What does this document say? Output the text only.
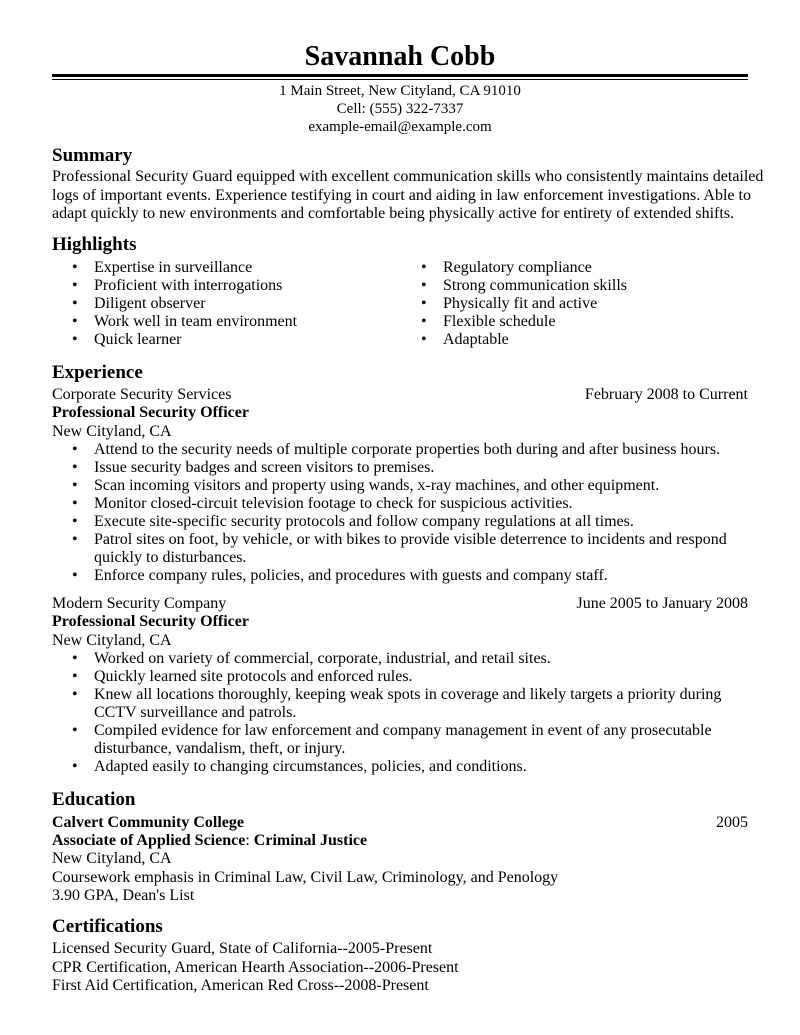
Savannah Cobb
1 Main Street, New Cityland, CA 91010
Cell: (555) 322-7337
example-email@example.com
Summary
Professional Security Guard equipped with excellent communication skills who consistently maintains detailed
logs of important events. Experience testifying in court and aiding in law enforcement investigations. Able to
adapt quickly to new environments and comfortable being physically active for entirety of extended shifts.
Highlights
• Expertise in surveillance
• Proficient with interrogations
• Diligent observer
• Work well in team environment
• Quick learner
• Regulatory compliance
• Strong communication skills
• Physically fit and active
• Flexible schedule
• Adaptable
Experience
Corporate Security Services	February 2008 to Current
Professional Security Officer
New Cityland, CA
• Attend to the security needs of multiple corporate properties both during and after business hours.
• Issue security badges and screen visitors to premises.
• Scan incoming visitors and property using wands, x-ray machines, and other equipment.
• Monitor closed-circuit television footage to check for suspicious activities.
• Execute site-specific security protocols and follow company regulations at all times.
• Patrol sites on foot, by vehicle, or with bikes to provide visible deterrence to incidents and respond
quickly to disturbances.
• Enforce company rules, policies, and procedures with guests and company staff.
Modern Security Company	June 2005 to January 2008
Professional Security Officer
New Cityland, CA
• Worked on variety of commercial, corporate, industrial, and retail sites.
• Quickly learned site protocols and enforced rules.
• Knew all locations thoroughly, keeping weak spots in coverage and likely targets a priority during
CCTV surveillance and patrols.
• Compiled evidence for law enforcement and company management in event of any prosecutable
disturbance, vandalism, theft, or injury.
• Adapted easily to changing circumstances, policies, and conditions.
Education
Calvert Community College	2005
Associate of Applied Science: Criminal Justice
New Cityland, CA
Coursework emphasis in Criminal Law, Civil Law, Criminology, and Penology
3.90 GPA, Dean's List
Certifications
Licensed Security Guard, State of California--2005-Present
CPR Certification, American Hearth Association--2006-Present
First Aid Certification, American Red Cross--2008-Present
